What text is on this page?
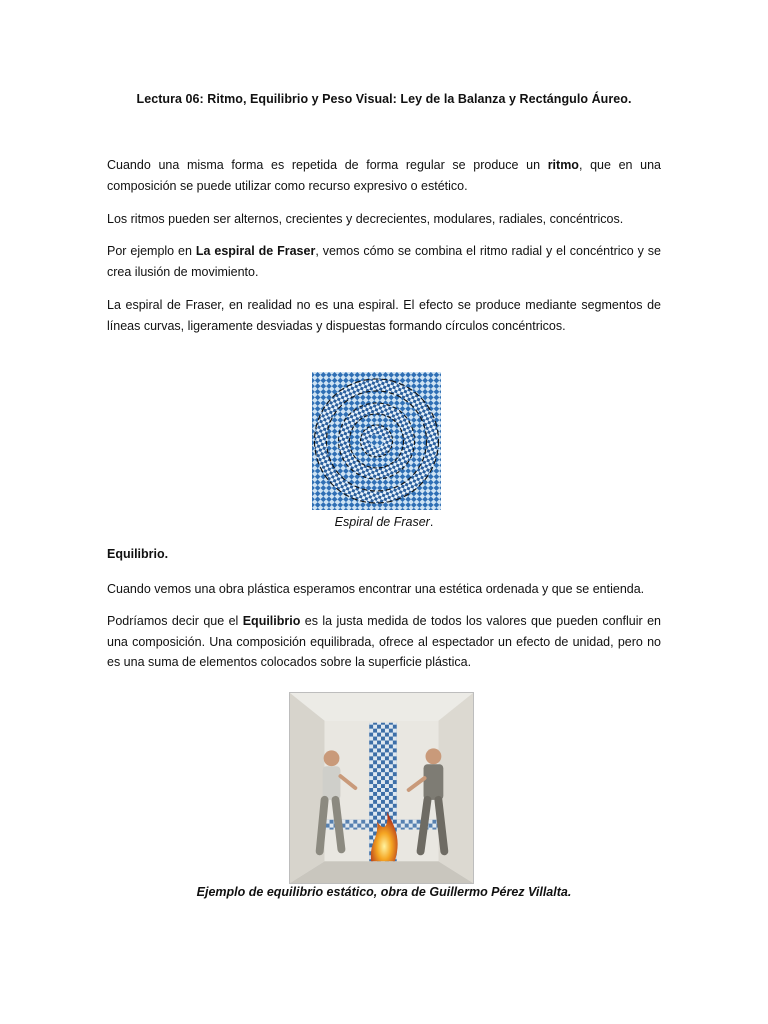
Lectura 06: Ritmo, Equilibrio y Peso Visual: Ley de la Balanza y Rectángulo Áureo.
Cuando una misma forma es repetida de forma regular se produce un ritmo, que en una composición se puede utilizar como recurso expresivo o estético.
Los ritmos pueden ser alternos, crecientes y decrecientes, modulares, radiales, concéntricos.
Por ejemplo en La espiral de Fraser, vemos cómo se combina el ritmo radial y el concéntrico y se crea ilusión de movimiento.
La espiral de Fraser, en realidad no es una espiral. El efecto se produce mediante segmentos de líneas curvas, ligeramente desviadas y dispuestas formando círculos concéntricos.
Espiral de Fraser.
Equilibrio.
Cuando vemos una obra plástica esperamos encontrar una estética ordenada y que se entienda.
Podríamos decir que el Equilibrio es la justa medida de todos los valores que pueden confluir en una composición. Una composición equilibrada, ofrece al espectador un efecto de unidad, pero no es una suma de elementos colocados sobre la superficie plástica.
Ejemplo de equilibrio estático, obra de Guillermo Pérez Villalta.
